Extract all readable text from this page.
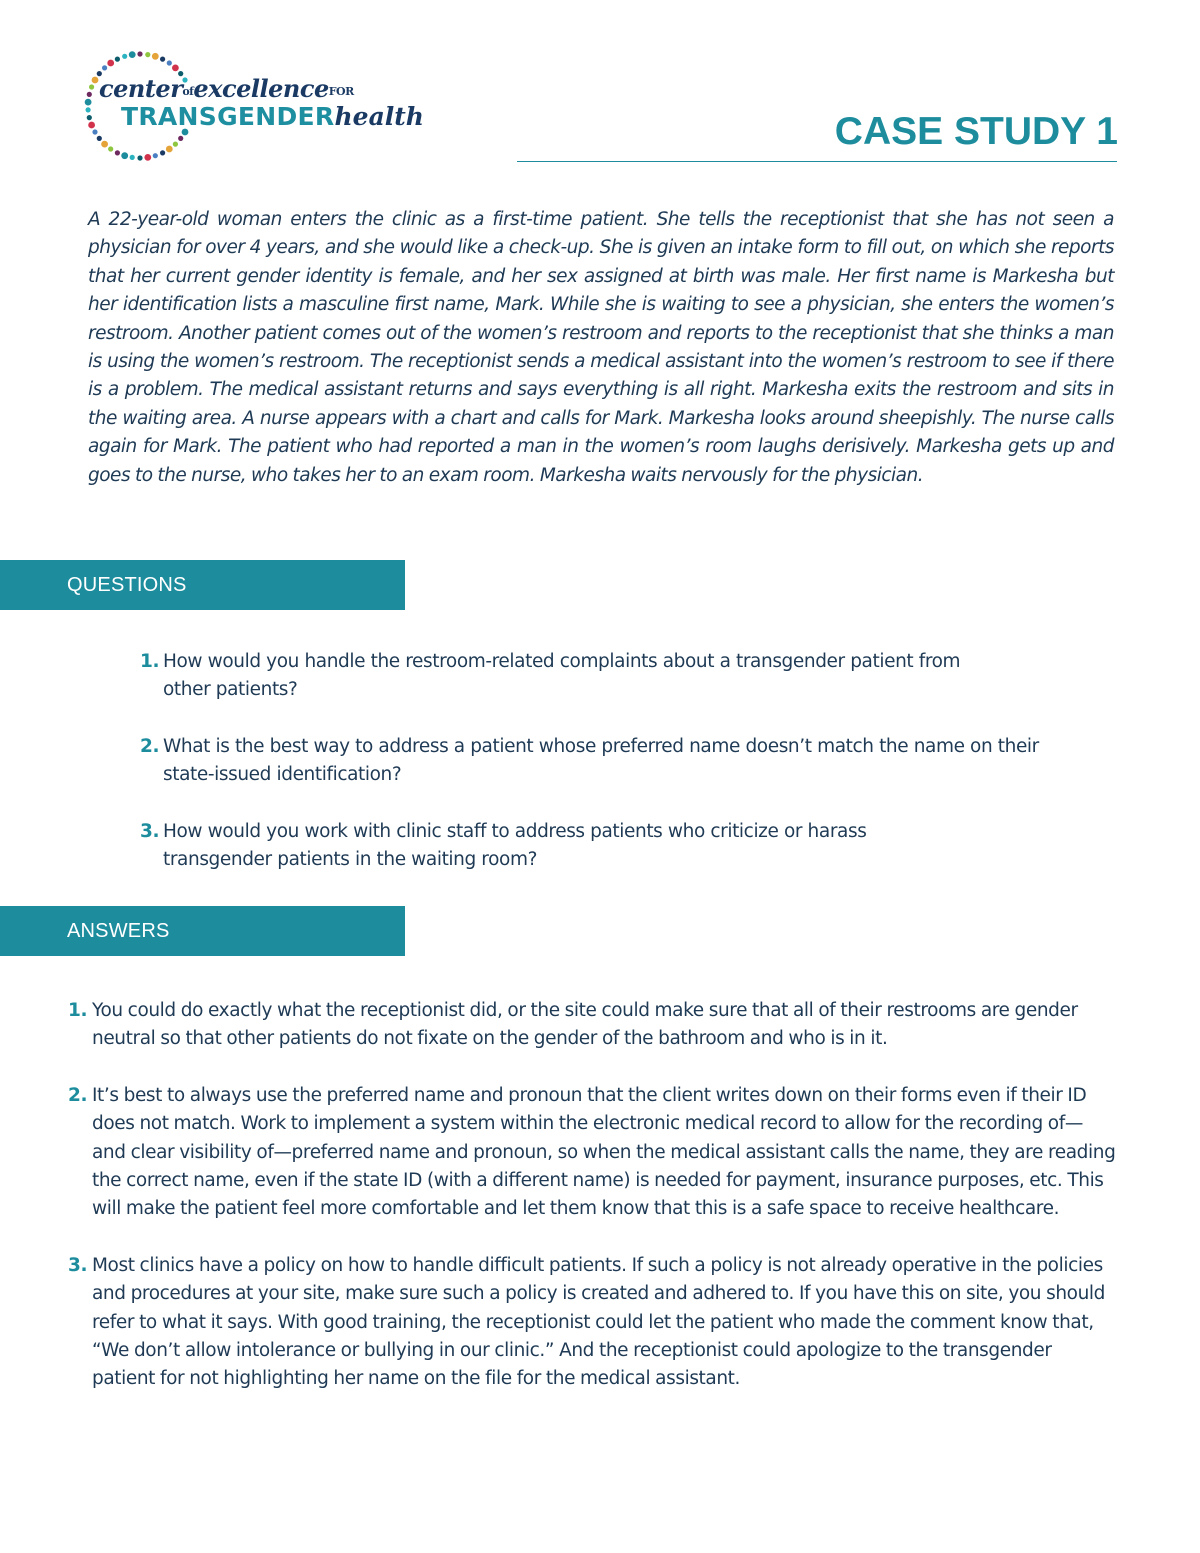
centerofexcellenceFOR
TRANSGENDERhealth	CASE STUDY 1

A 22-year-old woman enters the clinic as a first-time patient. She tells the receptionist that she has not seen a physician for over 4 years, and she would like a check-up. She is given an intake form to fill out, on which she reports that her current gender identity is female, and her sex assigned at birth was male. Her first name is Markesha but her identification lists a masculine first name, Mark. While she is waiting to see a physician, she enters the women’s restroom. Another patient comes out of the women’s restroom and reports to the receptionist that she thinks a man is using the women’s restroom. The receptionist sends a medical assistant into the women’s restroom to see if there is a problem. The medical assistant returns and says everything is all right. Markesha exits the restroom and sits in the waiting area. A nurse appears with a chart and calls for Mark. Markesha looks around sheepishly. The nurse calls again for Mark. The patient who had reported a man in the women’s room laughs derisively. Markesha gets up and goes to the nurse, who takes her to an exam room. Markesha waits nervously for the physician.

QUESTIONS
1. How would you handle the restroom-related complaints about a transgender patient from other patients?
2. What is the best way to address a patient whose preferred name doesn’t match the name on their state-issued identification?
3. How would you work with clinic staff to address patients who criticize or harass transgender patients in the waiting room?
ANSWERS
1. You could do exactly what the receptionist did, or the site could make sure that all of their restrooms are gender neutral so that other patients do not fixate on the gender of the bathroom and who is in it.
2. It’s best to always use the preferred name and pronoun that the client writes down on their forms even if their ID does not match. Work to implement a system within the electronic medical record to allow for the recording of—and clear visibility of—preferred name and pronoun, so when the medical assistant calls the name, they are reading the correct name, even if the state ID (with a different name) is needed for payment, insurance purposes, etc. This will make the patient feel more comfortable and let them know that this is a safe space to receive healthcare.
3. Most clinics have a policy on how to handle difficult patients. If such a policy is not already operative in the policies and procedures at your site, make sure such a policy is created and adhered to. If you have this on site, you should refer to what it says. With good training, the receptionist could let the patient who made the comment know that, “We don’t allow intolerance or bullying in our clinic.” And the receptionist could apologize to the transgender patient for not highlighting her name on the file for the medical assistant.
